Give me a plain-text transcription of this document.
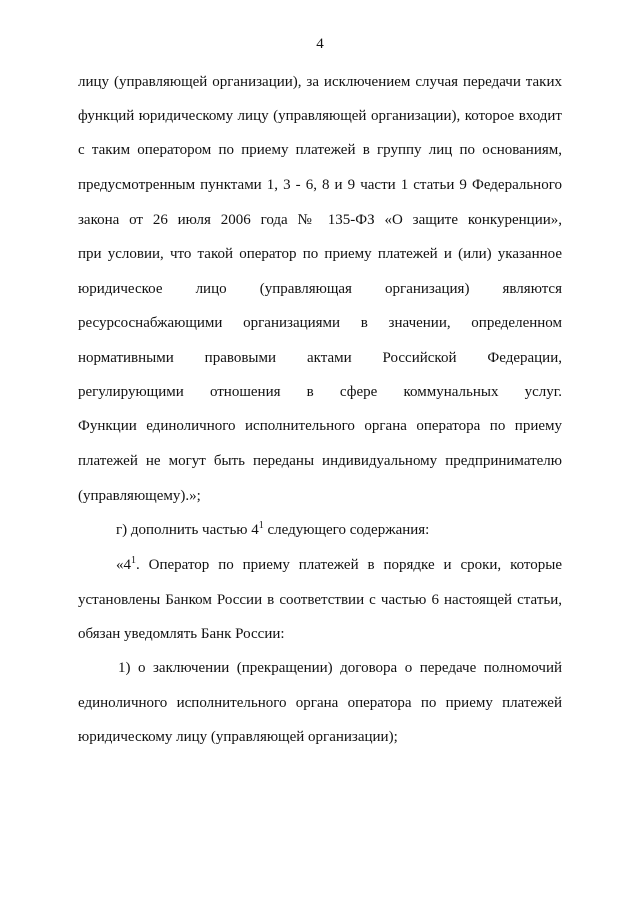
4
лицу (управляющей организации), за исключением случая передачи таких
функций юридическому лицу (управляющей организации), которое входит
с таким оператором по приему платежей в группу лиц по основаниям,
предусмотренным пунктами 1, 3 - 6, 8 и 9 части 1 статьи 9 Федерального
закона от 26 июля 2006 года № 135-ФЗ «О защите конкуренции»,
при условии, что такой оператор по приему платежей и (или) указанное
юридическое лицо (управляющая организация) являются
ресурсоснабжающими организациями в значении, определенном
нормативными правовыми актами Российской Федерации,
регулирующими отношения в сфере коммунальных услуг.
Функции единоличного исполнительного органа оператора по приему
платежей не могут быть переданы индивидуальному предпринимателю
(управляющему).»;
г) дополнить частью $4^1$ следующего содержания:
«$4^1$. Оператор по приему платежей в порядке и сроки, которые
установлены Банком России в соответствии с частью 6 настоящей статьи,
обязан уведомлять Банк России:
1) о заключении (прекращении) договора о передаче полномочий
единоличного исполнительного органа оператора по приему платежей
юридическому лицу (управляющей организации);
